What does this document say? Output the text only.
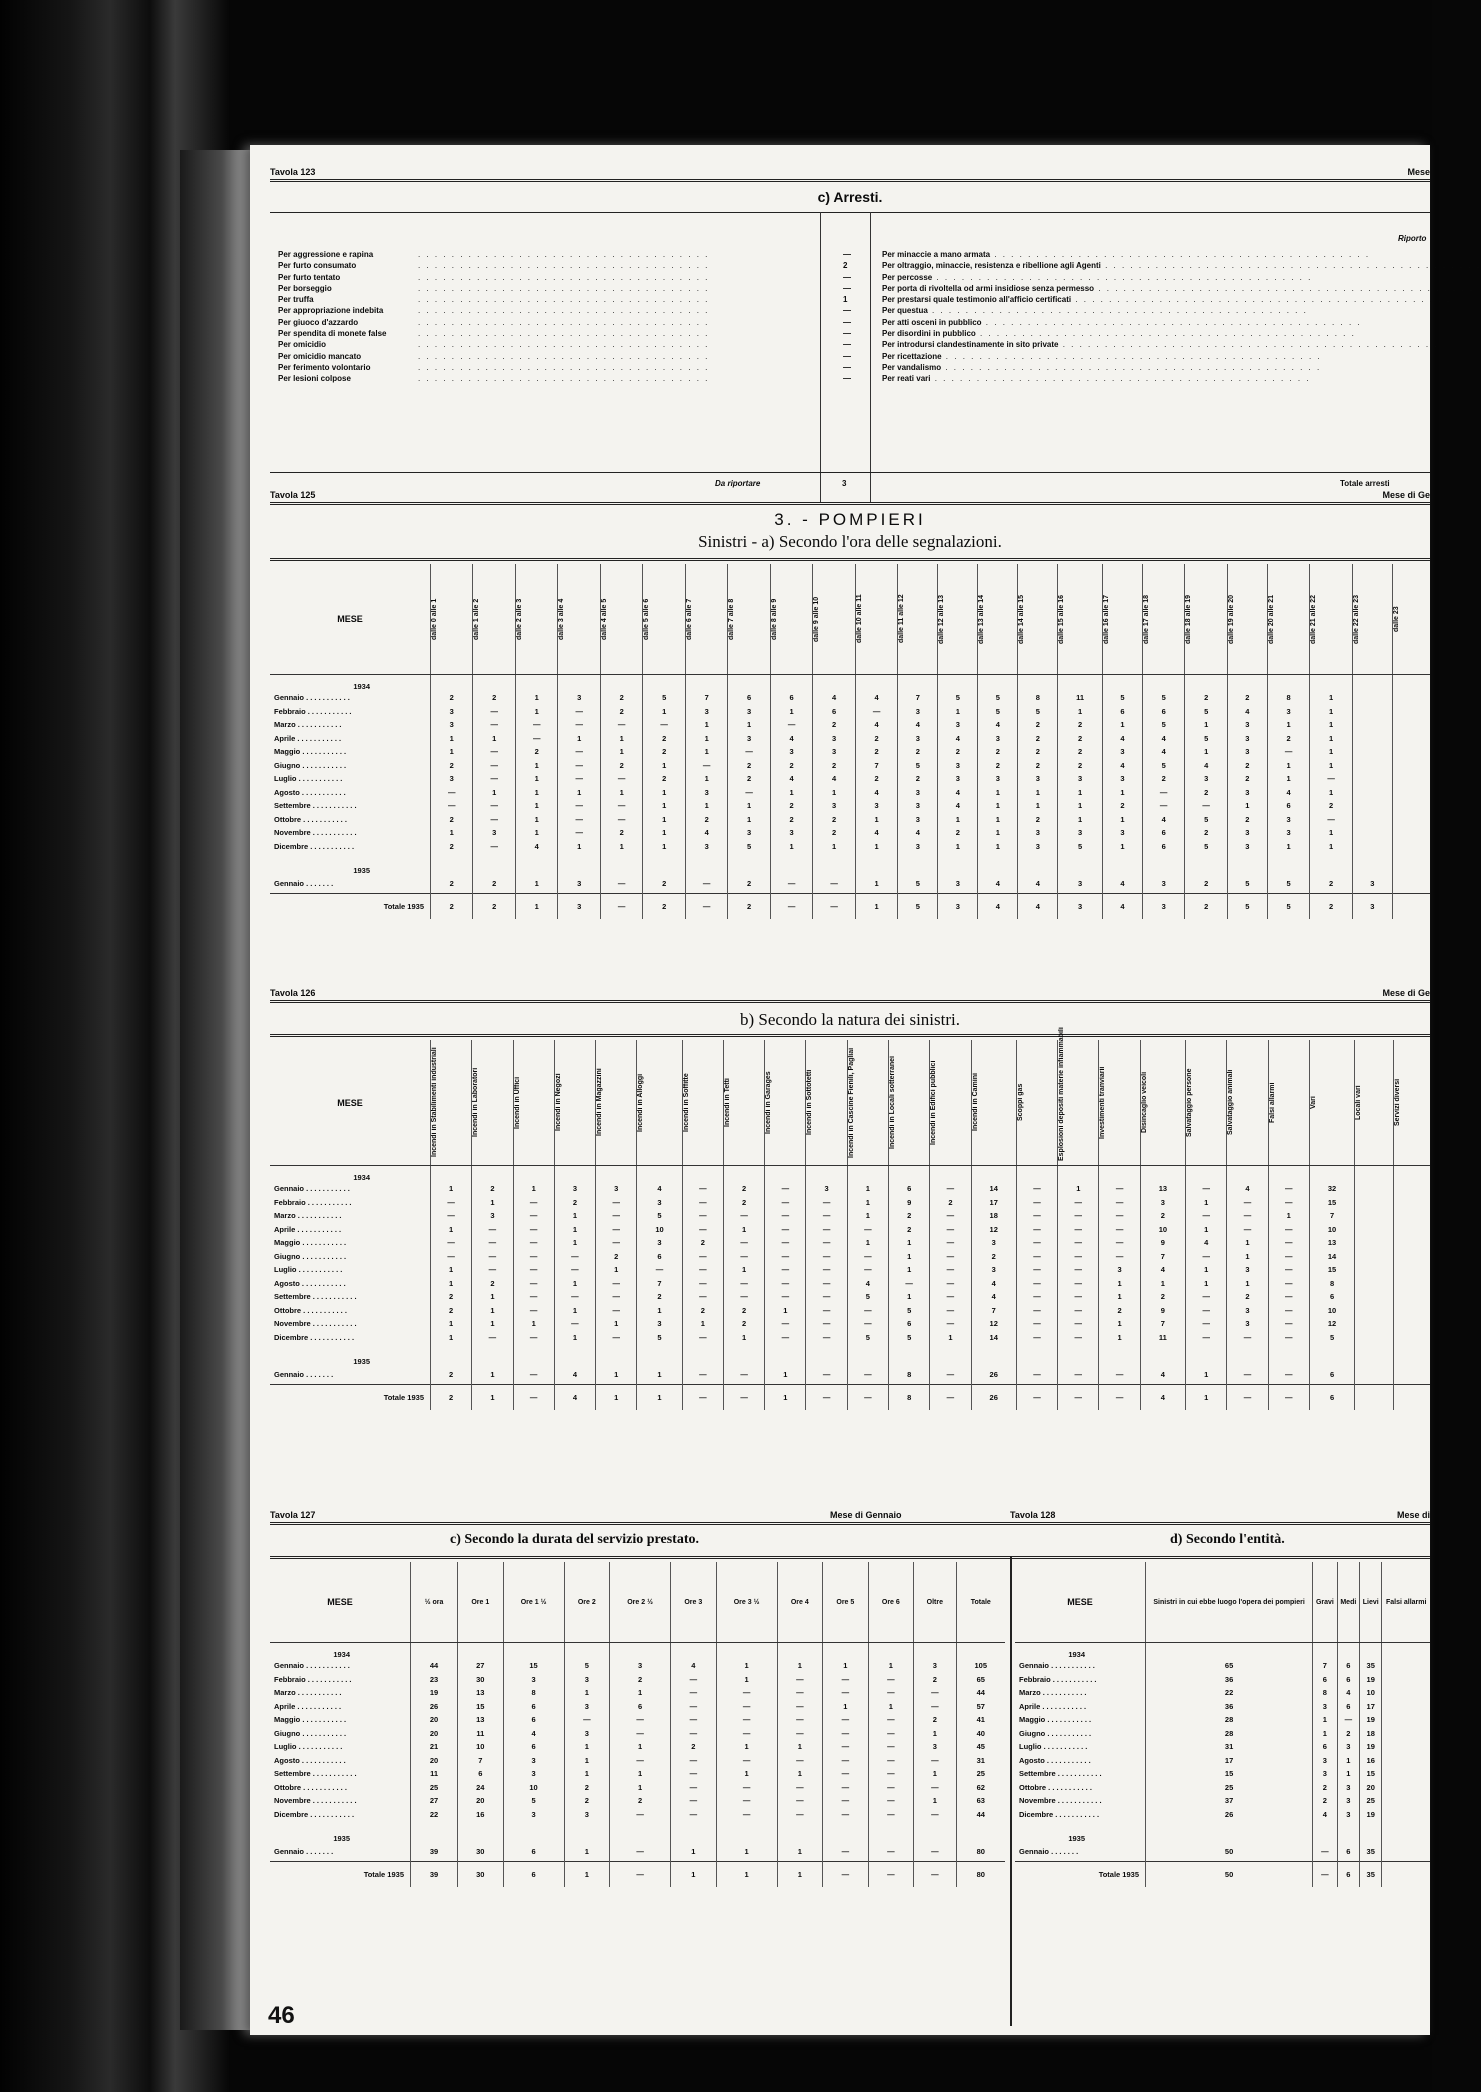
Tavola 123	Mese
c) Arresti.
Per aggressione e rapina	. . . . . . . . . . . . . . . . . . . . . . . . . . . . . . . . . . .	—
Per furto consumato	. . . . . . . . . . . . . . . . . . . . . . . . . . . . . . . . . . .	2
Per furto tentato	. . . . . . . . . . . . . . . . . . . . . . . . . . . . . . . . . . .	—
Per borseggio	. . . . . . . . . . . . . . . . . . . . . . . . . . . . . . . . . . .	—
Per truffa	. . . . . . . . . . . . . . . . . . . . . . . . . . . . . . . . . . .	1
Per appropriazione indebita	. . . . . . . . . . . . . . . . . . . . . . . . . . . . . . . . . . .	—
Per giuoco d'azzardo	. . . . . . . . . . . . . . . . . . . . . . . . . . . . . . . . . . .	—
Per spendita di monete false	. . . . . . . . . . . . . . . . . . . . . . . . . . . . . . . . . . .	—
Per omicidio	. . . . . . . . . . . . . . . . . . . . . . . . . . . . . . . . . . .	—
Per omicidio mancato	. . . . . . . . . . . . . . . . . . . . . . . . . . . . . . . . . . .	—
Per ferimento volontario	. . . . . . . . . . . . . . . . . . . . . . . . . . . . . . . . . . .	—
Per lesioni colpose	. . . . . . . . . . . . . . . . . . . . . . . . . . . . . . . . . . .	—
Riporto
Per minaccie a mano armata . . . . . . . . . . . . . . . . . . . . . . . . . . . . . . . . . . . . . . . . . . . . .
Per oltraggio, minaccie, resistenza e ribellione agli Agenti . . . . . . . . . . . . . . . . . . . . . . . . . . . . . . . . . . . . . . . . . . . . .
Per percosse . . . . . . . . . . . . . . . . . . . . . . . . . . . . . . . . . . . . . . . . . . . . .
Per porta di rivoltella od armi insidiose senza permesso . . . . . . . . . . . . . . . . . . . . . . . . . . . . . . . . . . . . . . . . . . . . .
Per prestarsi quale testimonio all'afficio certificati . . . . . . . . . . . . . . . . . . . . . . . . . . . . . . . . . . . . . . . . . . . . .
Per questua . . . . . . . . . . . . . . . . . . . . . . . . . . . . . . . . . . . . . . . . . . . . .
Per atti osceni in pubblico . . . . . . . . . . . . . . . . . . . . . . . . . . . . . . . . . . . . . . . . . . . . .
Per disordini in pubblico . . . . . . . . . . . . . . . . . . . . . . . . . . . . . . . . . . . . . . . . . . . . .
Per introdursi clandestinamente in sito private . . . . . . . . . . . . . . . . . . . . . . . . . . . . . . . . . . . . . . . . . . . . .
Per ricettazione . . . . . . . . . . . . . . . . . . . . . . . . . . . . . . . . . . . . . . . . . . . . .
Per vandalismo . . . . . . . . . . . . . . . . . . . . . . . . . . . . . . . . . . . . . . . . . . . . .
Per reati vari . . . . . . . . . . . . . . . . . . . . . . . . . . . . . . . . . . . . . . . . . . . . .
Da riportare	3	Totale arresti
Tavola 125	Mese di Ge
3. - POMPIERI
Sinistri - a) Secondo l'ora delle segnalazioni.
MESE	dalle 0 alle 1	dalle 1 alle 2	dalle 2 alle 3	dalle 3 alle 4	dalle 4 alle 5	dalle 5 alle 6	dalle 6 alle 7	dalle 7 alle 8	dalle 8 alle 9	dalle 9 alle 10	dalle 10 alle 11	dalle 11 alle 12	dalle 12 alle 13	dalle 13 alle 14	dalle 14 alle 15	dalle 15 alle 16	dalle 16 alle 17	dalle 17 alle 18	dalle 18 alle 19	dalle 19 alle 20	dalle 20 alle 21	dalle 21 alle 22	dalle 22 alle 23	dalle 23

1934																								
Gennaio . . . . . . . . . . .	2	2	1	3	2	5	7	6	6	4	4	7	5	5	8	11	5	5	2	2	8	1		
Febbraio . . . . . . . . . . .	3	—	1	—	2	1	3	3	1	6	—	3	1	5	5	1	6	6	5	4	3	1		
Marzo . . . . . . . . . . .	3	—	—	—	—	—	1	1	—	2	4	4	3	4	2	2	1	5	1	3	1	1		
Aprile . . . . . . . . . . .	1	1	—	1	1	2	1	3	4	3	2	3	4	3	2	2	4	4	5	3	2	1		
Maggio . . . . . . . . . . .	1	—	2	—	1	2	1	—	3	3	2	2	2	2	2	2	3	4	1	3	—	1		
Giugno . . . . . . . . . . .	2	—	1	—	2	1	—	2	2	2	7	5	3	2	2	2	4	5	4	2	1	1		
Luglio . . . . . . . . . . .	3	—	1	—	—	2	1	2	4	4	2	2	3	3	3	3	3	2	3	2	1	—		
Agosto . . . . . . . . . . .	—	1	1	1	1	1	3	—	1	1	4	3	4	1	1	1	1	—	2	3	4	1		
Settembre . . . . . . . . . . .	—	—	1	—	—	1	1	1	2	3	3	3	4	1	1	1	2	—	—	1	6	2		
Ottobre . . . . . . . . . . .	2	—	1	—	—	1	2	1	2	2	1	3	1	1	2	1	1	4	5	2	3	—		
Novembre . . . . . . . . . . .	1	3	1	—	2	1	4	3	3	2	4	4	2	1	3	3	3	6	2	3	3	1		
Dicembre . . . . . . . . . . .	2	—	4	1	1	1	3	5	1	1	1	3	1	1	3	5	1	6	5	3	1	1		
1935																								
Gennaio . . . . . . .	2	2	1	3	—	2	—	2	—	—	1	5	3	4	4	3	4	3	2	5	5	2	3	
Totale 1935	2	2	1	3	—	2	—	2	—	—	1	5	3	4	4	3	4	3	2	5	5	2	3	
Tavola 126	Mese di Ge
b) Secondo la natura dei sinistri.
MESE	Incendi in Stabilimenti industriali	Incendi in Laboratori	Incendi in Uffici	Incendi in Negozi	Incendi in Magazzini	Incendi in Alloggi	Incendi in Soffitte	Incendi in Tetti	Incendi in Garages	Incendi in Sottotetti	Incendi in Cascine Fienili, Pagliai	Incendi in Locali sotterranei	Incendi in Edifici pubblici	Incendi in Camini	Scoppi gas	Esplosioni depositi materie infiammabili	Investimenti tranviarii	Disincaglio veicoli	Salvataggio persone	Salvataggio animali	Falsi allarmi	Vari	Locali vari	Servizi diversi

1934																								
Gennaio . . . . . . . . . . .	1	2	1	3	3	4	—	2	—	3	1	6	—	14	—	1	—	13	—	4	—	32		
Febbraio . . . . . . . . . . .	—	1	—	2	—	3	—	2	—	—	1	9	2	17	—	—	—	3	1	—	—	15		
Marzo . . . . . . . . . . .	—	3	—	1	—	5	—	—	—	—	1	2	—	18	—	—	—	2	—	—	1	7		
Aprile . . . . . . . . . . .	1	—	—	1	—	10	—	1	—	—	—	2	—	12	—	—	—	10	1	—	—	10		
Maggio . . . . . . . . . . .	—	—	—	1	—	3	2	—	—	—	1	1	—	3	—	—	—	9	4	1	—	13		
Giugno . . . . . . . . . . .	—	—	—	—	2	6	—	—	—	—	—	1	—	2	—	—	—	7	—	1	—	14		
Luglio . . . . . . . . . . .	1	—	—	—	1	—	—	1	—	—	—	1	—	3	—	—	3	4	1	3	—	15		
Agosto . . . . . . . . . . .	1	2	—	1	—	7	—	—	—	—	4	—	—	4	—	—	1	1	1	1	—	8		
Settembre . . . . . . . . . . .	2	1	—	—	—	2	—	—	—	—	5	1	—	4	—	—	1	2	—	2	—	6		
Ottobre . . . . . . . . . . .	2	1	—	1	—	1	2	2	1	—	—	5	—	7	—	—	2	9	—	3	—	10		
Novembre . . . . . . . . . . .	1	1	1	—	1	3	1	2	—	—	—	6	—	12	—	—	1	7	—	3	—	12		
Dicembre . . . . . . . . . . .	1	—	—	1	—	5	—	1	—	—	5	5	1	14	—	—	1	11	—	—	—	5		
1935																								
Gennaio . . . . . . .	2	1	—	4	1	1	—	—	1	—	—	8	—	26	—	—	—	4	1	—	—	6		
Totale 1935	2	1	—	4	1	1	—	—	1	—	—	8	—	26	—	—	—	4	1	—	—	6		
Tavola 127	Mese di Gennaio	Tavola 128	Mese di
c) Secondo la durata del servizio prestato.	d) Secondo l'entità.
MESE	½ ora	Ore 1	Ore 1 ½	Ore 2	Ore 2 ½	Ore 3	Ore 3 ½	Ore 4	Ore 5	Ore 6	Oltre	Totale

1934												
Gennaio . . . . . . . . . . .	44	27	15	5	3	4	1	1	1	1	3	105
Febbraio . . . . . . . . . . .	23	30	3	3	2	—	1	—	—	—	2	65
Marzo . . . . . . . . . . .	19	13	8	1	1	—	—	—	—	—	—	44
Aprile . . . . . . . . . . .	26	15	6	3	6	—	—	—	1	1	—	57
Maggio . . . . . . . . . . .	20	13	6	—	—	—	—	—	—	—	2	41
Giugno . . . . . . . . . . .	20	11	4	3	—	—	—	—	—	—	1	40
Luglio . . . . . . . . . . .	21	10	6	1	1	2	1	1	—	—	3	45
Agosto . . . . . . . . . . .	20	7	3	1	—	—	—	—	—	—	—	31
Settembre . . . . . . . . . . .	11	6	3	1	1	—	1	1	—	—	1	25
Ottobre . . . . . . . . . . .	25	24	10	2	1	—	—	—	—	—	—	62
Novembre . . . . . . . . . . .	27	20	5	2	2	—	—	—	—	—	1	63
Dicembre . . . . . . . . . . .	22	16	3	3	—	—	—	—	—	—	—	44
1935												
Gennaio . . . . . . .	39	30	6	1	—	1	1	1	—	—	—	80
Totale 1935	39	30	6	1	—	1	1	1	—	—	—	80
MESE	Sinistri in cui ebbe luogo l'opera dei pompieri	Gravi	Medi	Lievi	Falsi allarmi

1934					
Gennaio . . . . . . . . . . .	65	7	6	35	
Febbraio . . . . . . . . . . .	36	6	6	19	
Marzo . . . . . . . . . . .	22	8	4	10	
Aprile . . . . . . . . . . .	36	3	6	17	
Maggio . . . . . . . . . . .	28	1	—	19	
Giugno . . . . . . . . . . .	28	1	2	18	
Luglio . . . . . . . . . . .	31	6	3	19	
Agosto . . . . . . . . . . .	17	3	1	16	
Settembre . . . . . . . . . . .	15	3	1	15	
Ottobre . . . . . . . . . . .	25	2	3	20	
Novembre . . . . . . . . . . .	37	2	3	25	
Dicembre . . . . . . . . . . .	26	4	3	19	
1935					
Gennaio . . . . . . .	50	—	6	35	
Totale 1935	50	—	6	35	
46
